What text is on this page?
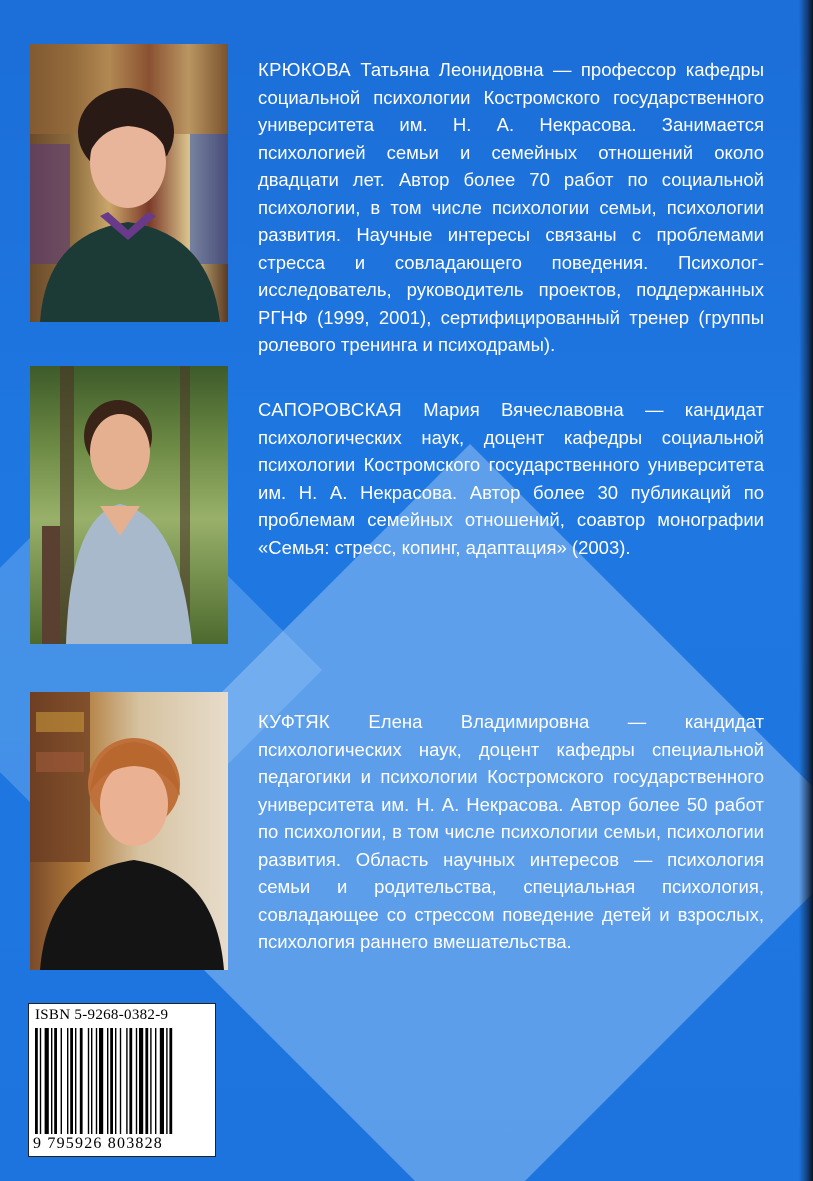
КРЮКОВА Татьяна Леонидовна — профессор кафедры социальной психологии Костромского государственного университета им. Н. А. Некрасова. Занимается психологией семьи и семейных отношений около двадцати лет. Автор более 70 работ по социальной психологии, в том числе психологии семьи, психологии развития. Научные интересы связаны с проблемами стресса и совладающего поведения. Психолог-исследователь, руководитель проектов, поддержанных РГНФ (1999, 2001), сертифицированный тренер (группы ролевого тренинга и психодрамы).
САПОРОВСКАЯ Мария Вячеславовна — кандидат психологических наук, доцент кафедры социальной психологии Костромского государственного университета им. Н. А. Некрасова. Автор более 30 публикаций по проблемам семейных отношений, соавтор монографии «Семья: стресс, копинг, адаптация» (2003).
КУФТЯК Елена Владимировна — кандидат психологических наук, доцент кафедры специальной педагогики и психологии Костромского государственного университета им. Н. А. Некрасова. Автор более 50 работ по психологии, в том числе психологии семьи, психологии развития. Область научных интересов — психология семьи и родительства, специальная психология, совладающее со стрессом поведение детей и взрослых, психология раннего вмешательства.
ISBN 5-9268-0382-9
9 795926 803828
